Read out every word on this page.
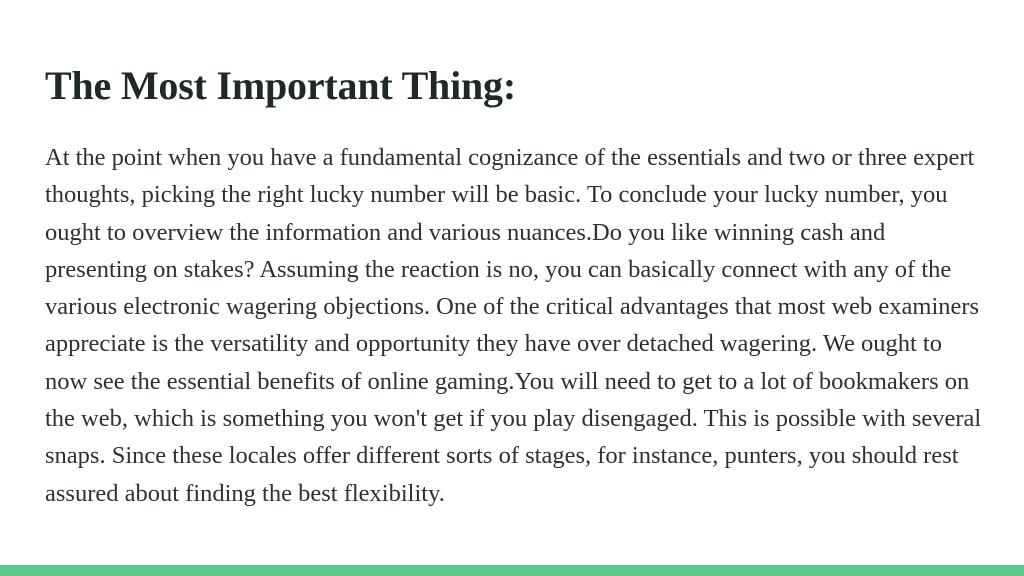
The Most Important Thing:

At the point when you have a fundamental cognizance of the essentials and two or three expert thoughts, picking the right lucky number will be basic. To conclude your lucky number, you ought to overview the information and various nuances.Do you like winning cash and presenting on stakes? Assuming the reaction is no, you can basically connect with any of the various electronic wagering objections. One of the critical advantages that most web examiners appreciate is the versatility and opportunity they have over detached wagering. We ought to now see the essential benefits of online gaming.You will need to get to a lot of bookmakers on the web, which is something you won't get if you play disengaged. This is possible with several snaps. Since these locales offer different sorts of stages, for instance, punters, you should rest assured about finding the best flexibility.
